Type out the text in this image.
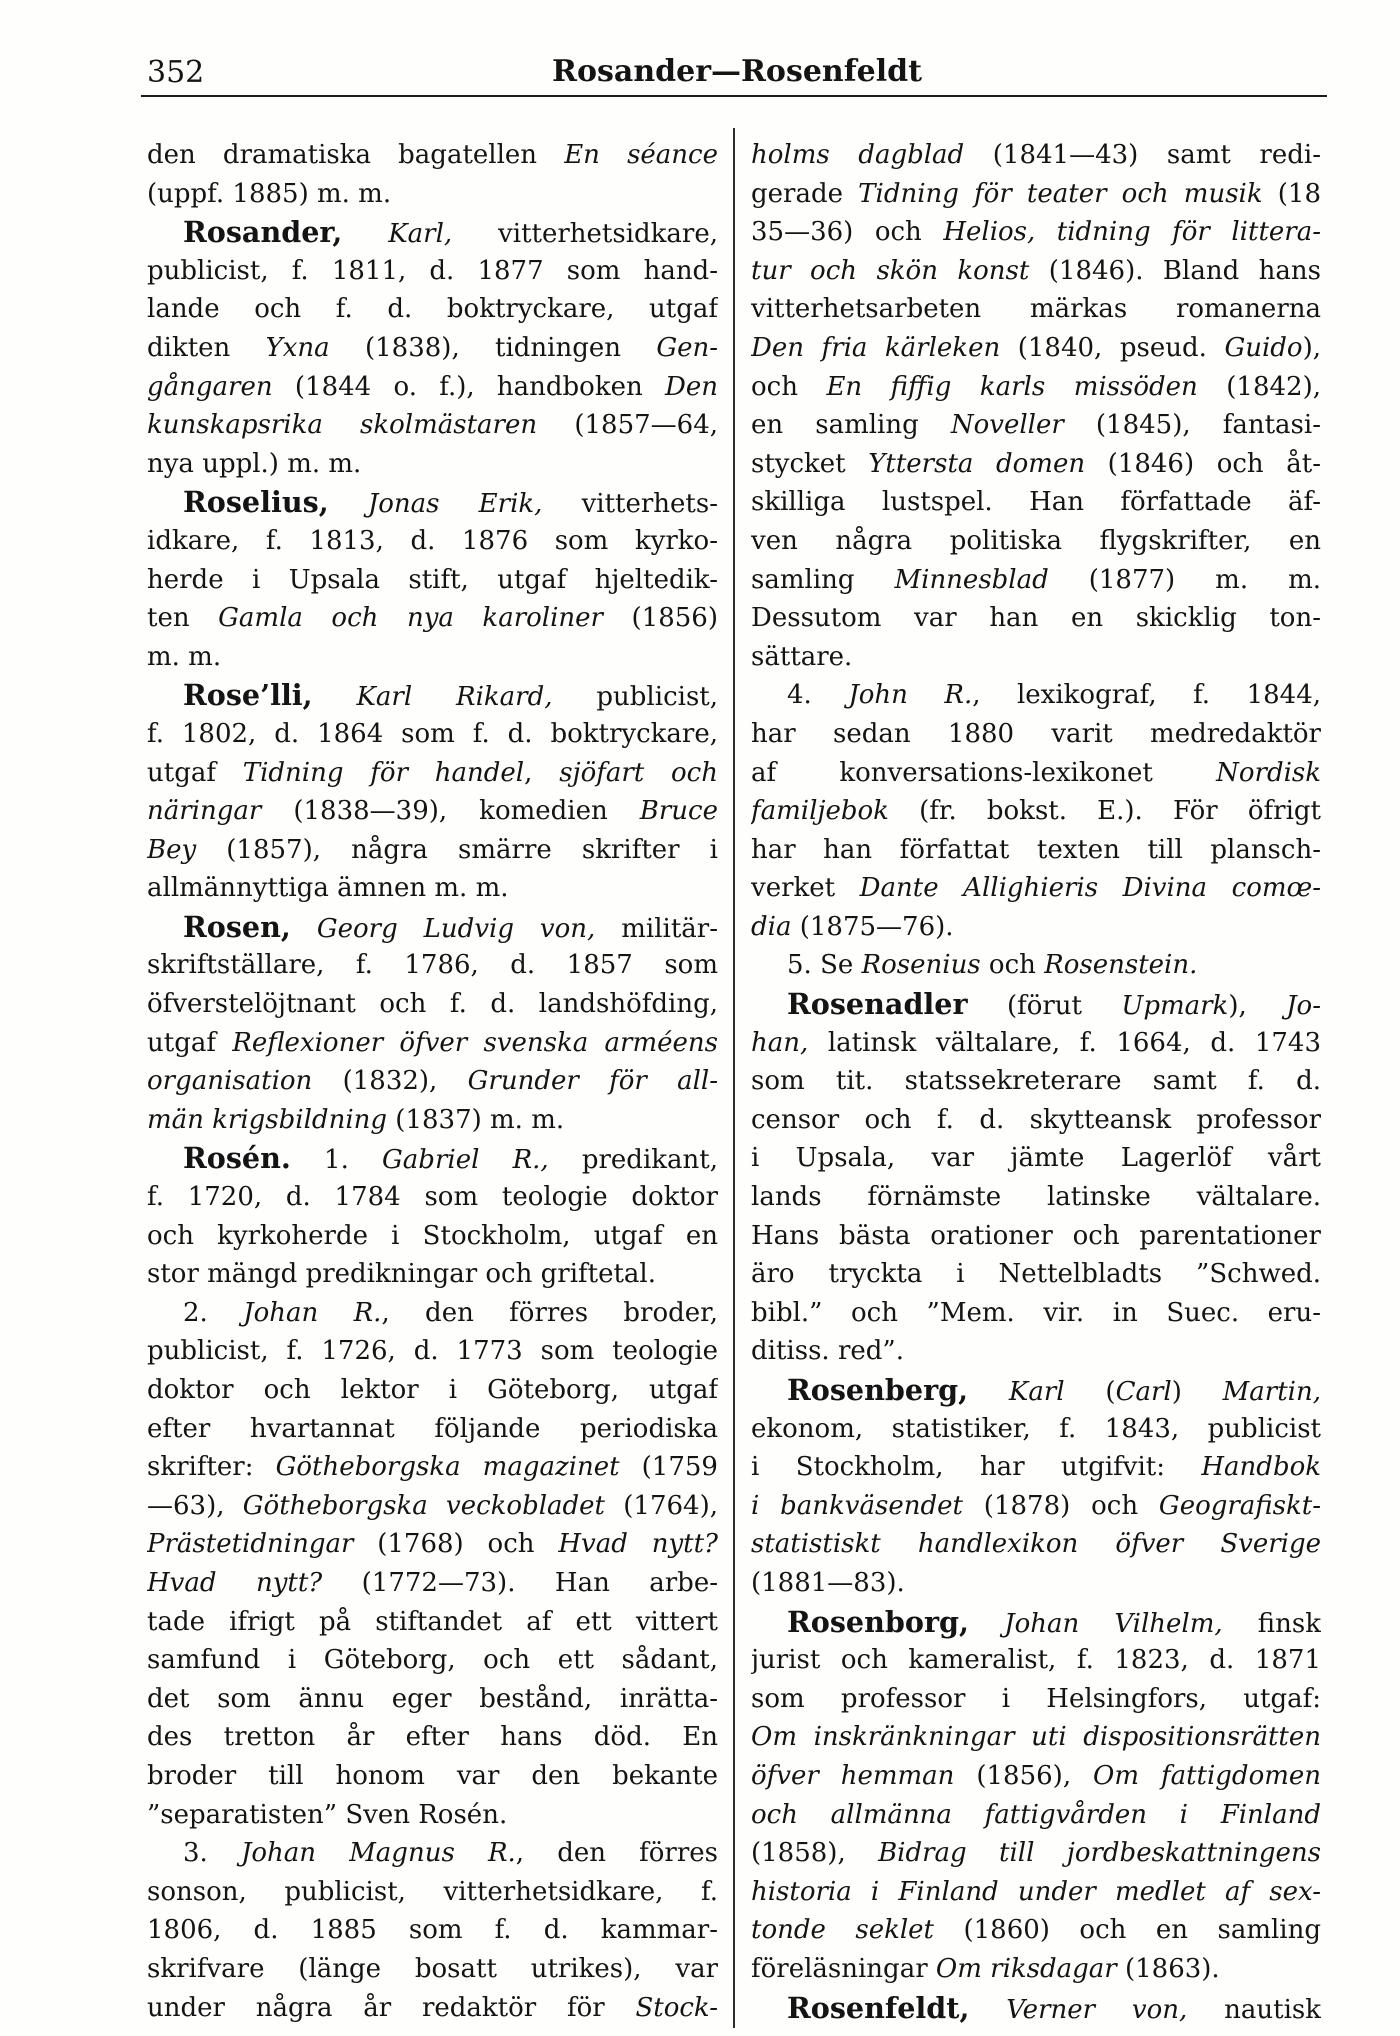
352	Rosander—Rosenfeldt
den dramatiska bagatellen En séance
(uppf. 1885) m. m.
Rosander, Karl, vitterhetsidkare,
publicist, f. 1811, d. 1877 som hand-
lande och f. d. boktryckare, utgaf
dikten Yxna (1838), tidningen Gen-
gångaren (1844 o. f.), handboken Den
kunskapsrika skolmästaren (1857—64,
nya uppl.) m. m.
Roselius, Jonas Erik, vitterhets-
idkare, f. 1813, d. 1876 som kyrko-
herde i Upsala stift, utgaf hjeltedik-
ten Gamla och nya karoliner (1856)
m. m.
Rose’lli, Karl Rikard, publicist,
f. 1802, d. 1864 som f. d. boktryckare,
utgaf Tidning för handel, sjöfart och
näringar (1838—39), komedien Bruce
Bey (1857), några smärre skrifter i
allmännyttiga ämnen m. m.
Rosen, Georg Ludvig von, militär-
skriftställare, f. 1786, d. 1857 som
öfverstelöjtnant och f. d. landshöfding,
utgaf Reflexioner öfver svenska arméens
organisation (1832), Grunder för all-
män krigsbildning (1837) m. m.
Rosén. 1. Gabriel R., predikant,
f. 1720, d. 1784 som teologie doktor
och kyrkoherde i Stockholm, utgaf en
stor mängd predikningar och griftetal.
2. Johan R., den förres broder,
publicist, f. 1726, d. 1773 som teologie
doktor och lektor i Göteborg, utgaf
efter hvartannat följande periodiska
skrifter: Götheborgska magazinet (1759
—63), Götheborgska veckobladet (1764),
Prästetidningar (1768) och Hvad nytt?
Hvad nytt? (1772—73). Han arbe-
tade ifrigt på stiftandet af ett vittert
samfund i Göteborg, och ett sådant,
det som ännu eger bestånd, inrätta-
des tretton år efter hans död. En
broder till honom var den bekante
”separatisten” Sven Rosén.
3. Johan Magnus R., den förres
sonson, publicist, vitterhetsidkare, f.
1806, d. 1885 som f. d. kammar-
skrifvare (länge bosatt utrikes), var
under några år redaktör för Stock-
holms dagblad (1841—43) samt redi-
gerade Tidning för teater och musik (18
35—36) och Helios, tidning för littera-
tur och skön konst (1846). Bland hans
vitterhetsarbeten märkas romanerna
Den fria kärleken (1840, pseud. Guido),
och En fiffig karls missöden (1842),
en samling Noveller (1845), fantasi-
stycket Yttersta domen (1846) och åt-
skilliga lustspel. Han författade äf-
ven några politiska flygskrifter, en
samling Minnesblad (1877) m. m.
Dessutom var han en skicklig ton-
sättare.
4. John R., lexikograf, f. 1844,
har sedan 1880 varit medredaktör
af konversations-lexikonet Nordisk
familjebok (fr. bokst. E.). För öfrigt
har han författat texten till plansch-
verket Dante Allighieris Divina comœ-
dia (1875—76).
5. Se Rosenius och Rosenstein.
Rosenadler (förut Upmark), Jo-
han, latinsk vältalare, f. 1664, d. 1743
som tit. statssekreterare samt f. d.
censor och f. d. skytteansk professor
i Upsala, var jämte Lagerlöf vårt
lands förnämste latinske vältalare.
Hans bästa orationer och parentationer
äro tryckta i Nettelbladts ”Schwed.
bibl.” och ”Mem. vir. in Suec. eru-
ditiss. red”.
Rosenberg, Karl (Carl) Martin,
ekonom, statistiker, f. 1843, publicist
i Stockholm, har utgifvit: Handbok
i bankväsendet (1878) och Geografiskt-
statistiskt handlexikon öfver Sverige
(1881—83).
Rosenborg, Johan Vilhelm, finsk
jurist och kameralist, f. 1823, d. 1871
som professor i Helsingfors, utgaf:
Om inskränkningar uti dispositionsrätten
öfver hemman (1856), Om fattigdomen
och allmänna fattigvården i Finland
(1858), Bidrag till jordbeskattningens
historia i Finland under medlet af sex-
tonde seklet (1860) och en samling
föreläsningar Om riksdagar (1863).
Rosenfeldt, Verner von, nautisk
